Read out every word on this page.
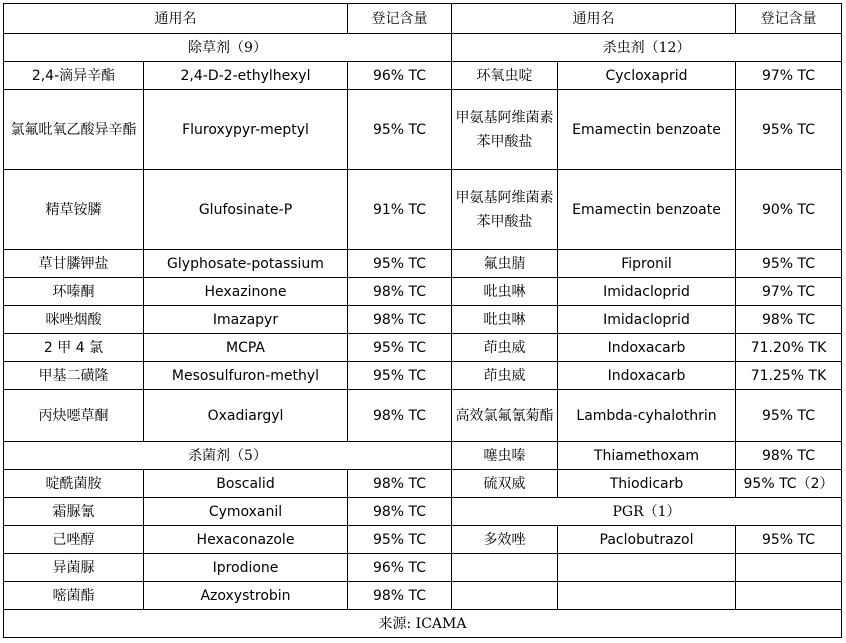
通用名		登记含量	通用名		登记含量
除草剂（9）			杀虫剂（12）		
2,4-滴异辛酯	2,4-D-2-ethylhexyl	96% TC	环氧虫啶	Cycloxaprid	97% TC
氯氟吡氧乙酸异辛酯	Fluroxypyr-meptyl	95% TC	甲氨基阿维菌素苯甲酸盐	Emamectin benzoate	95% TC
精草铵膦	Glufosinate-P	91% TC	甲氨基阿维菌素苯甲酸盐	Emamectin benzoate	90% TC
草甘膦钾盐	Glyphosate-potassium	95% TC	氟虫腈	Fipronil	95% TC
环嗪酮	Hexazinone	98% TC	吡虫啉	Imidacloprid	97% TC
咪唑烟酸	Imazapyr	98% TC	吡虫啉	Imidacloprid	98% TC
2 甲 4 氯	MCPA	95% TC	茚虫威	Indoxacarb	71.20% TK
甲基二磺隆	Mesosulfuron-methyl	95% TC	茚虫威	Indoxacarb	71.25% TK
丙炔噁草酮	Oxadiargyl	98% TC	高效氯氟氰菊酯	Lambda-cyhalothrin	95% TC
杀菌剂（5）			噻虫嗪	Thiamethoxam	98% TC
啶酰菌胺	Boscalid	98% TC	硫双威	Thiodicarb	95% TC（2）
霜脲氰	Cymoxanil	98% TC	PGR（1）		
己唑醇	Hexaconazole	95% TC	多效唑	Paclobutrazol	95% TC
异菌脲	Iprodione	96% TC			
嘧菌酯	Azoxystrobin	98% TC			
来源: ICAMA					
